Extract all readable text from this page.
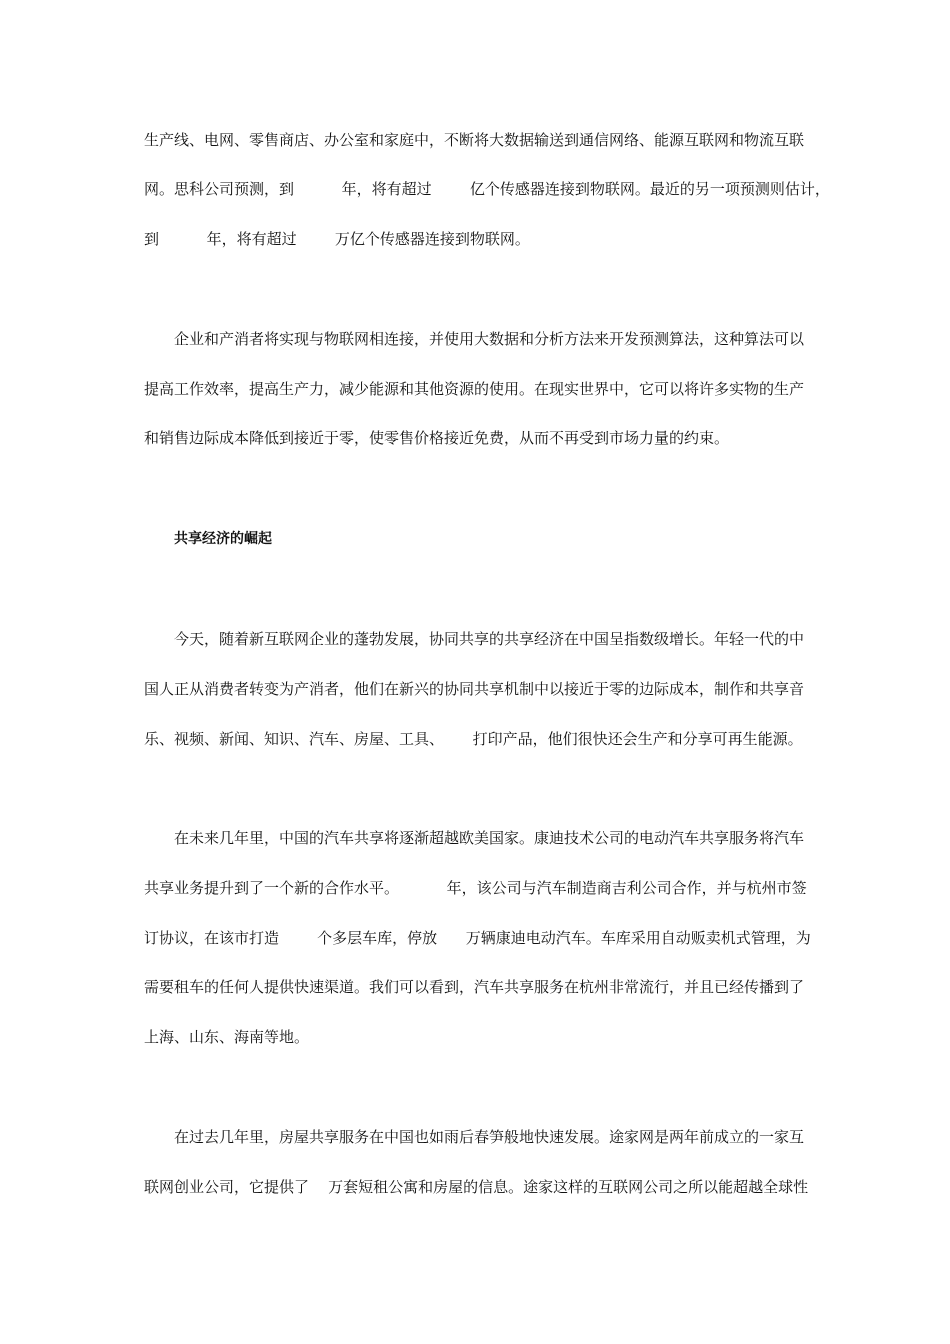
生产线、电网、零售商店、办公室和家庭中，不断将大数据输送到通信网络、能源互联网和物流互联
网。思科公司预测，到          年，将有超过        亿个传感器连接到物联网。最近的另一项预测则估计，
到          年，将有超过        万亿个传感器连接到物联网。
企业和产消者将实现与物联网相连接，并使用大数据和分析方法来开发预测算法，这种算法可以
提高工作效率，提高生产力，减少能源和其他资源的使用。在现实世界中，它可以将许多实物的生产
和销售边际成本降低到接近于零，使零售价格接近免费，从而不再受到市场力量的约束。
共享经济的崛起
今天，随着新互联网企业的蓬勃发展，协同共享的共享经济在中国呈指数级增长。年轻一代的中
国人正从消费者转变为产消者，他们在新兴的协同共享机制中以接近于零的边际成本，制作和共享音
乐、视频、新闻、知识、汽车、房屋、工具、      打印产品，他们很快还会生产和分享可再生能源。
在未来几年里，中国的汽车共享将逐渐超越欧美国家。康迪技术公司的电动汽车共享服务将汽车
共享业务提升到了一个新的合作水平。          年，该公司与汽车制造商吉利公司合作，并与杭州市签
订协议，在该市打造        个多层车库，停放      万辆康迪电动汽车。车库采用自动贩卖机式管理，为
需要租车的任何人提供快速渠道。我们可以看到，汽车共享服务在杭州非常流行，并且已经传播到了
上海、山东、海南等地。
在过去几年里，房屋共享服务在中国也如雨后春笋般地快速发展。途家网是两年前成立的一家互
联网创业公司，它提供了    万套短租公寓和房屋的信息。途家这样的互联网公司之所以能超越全球性
